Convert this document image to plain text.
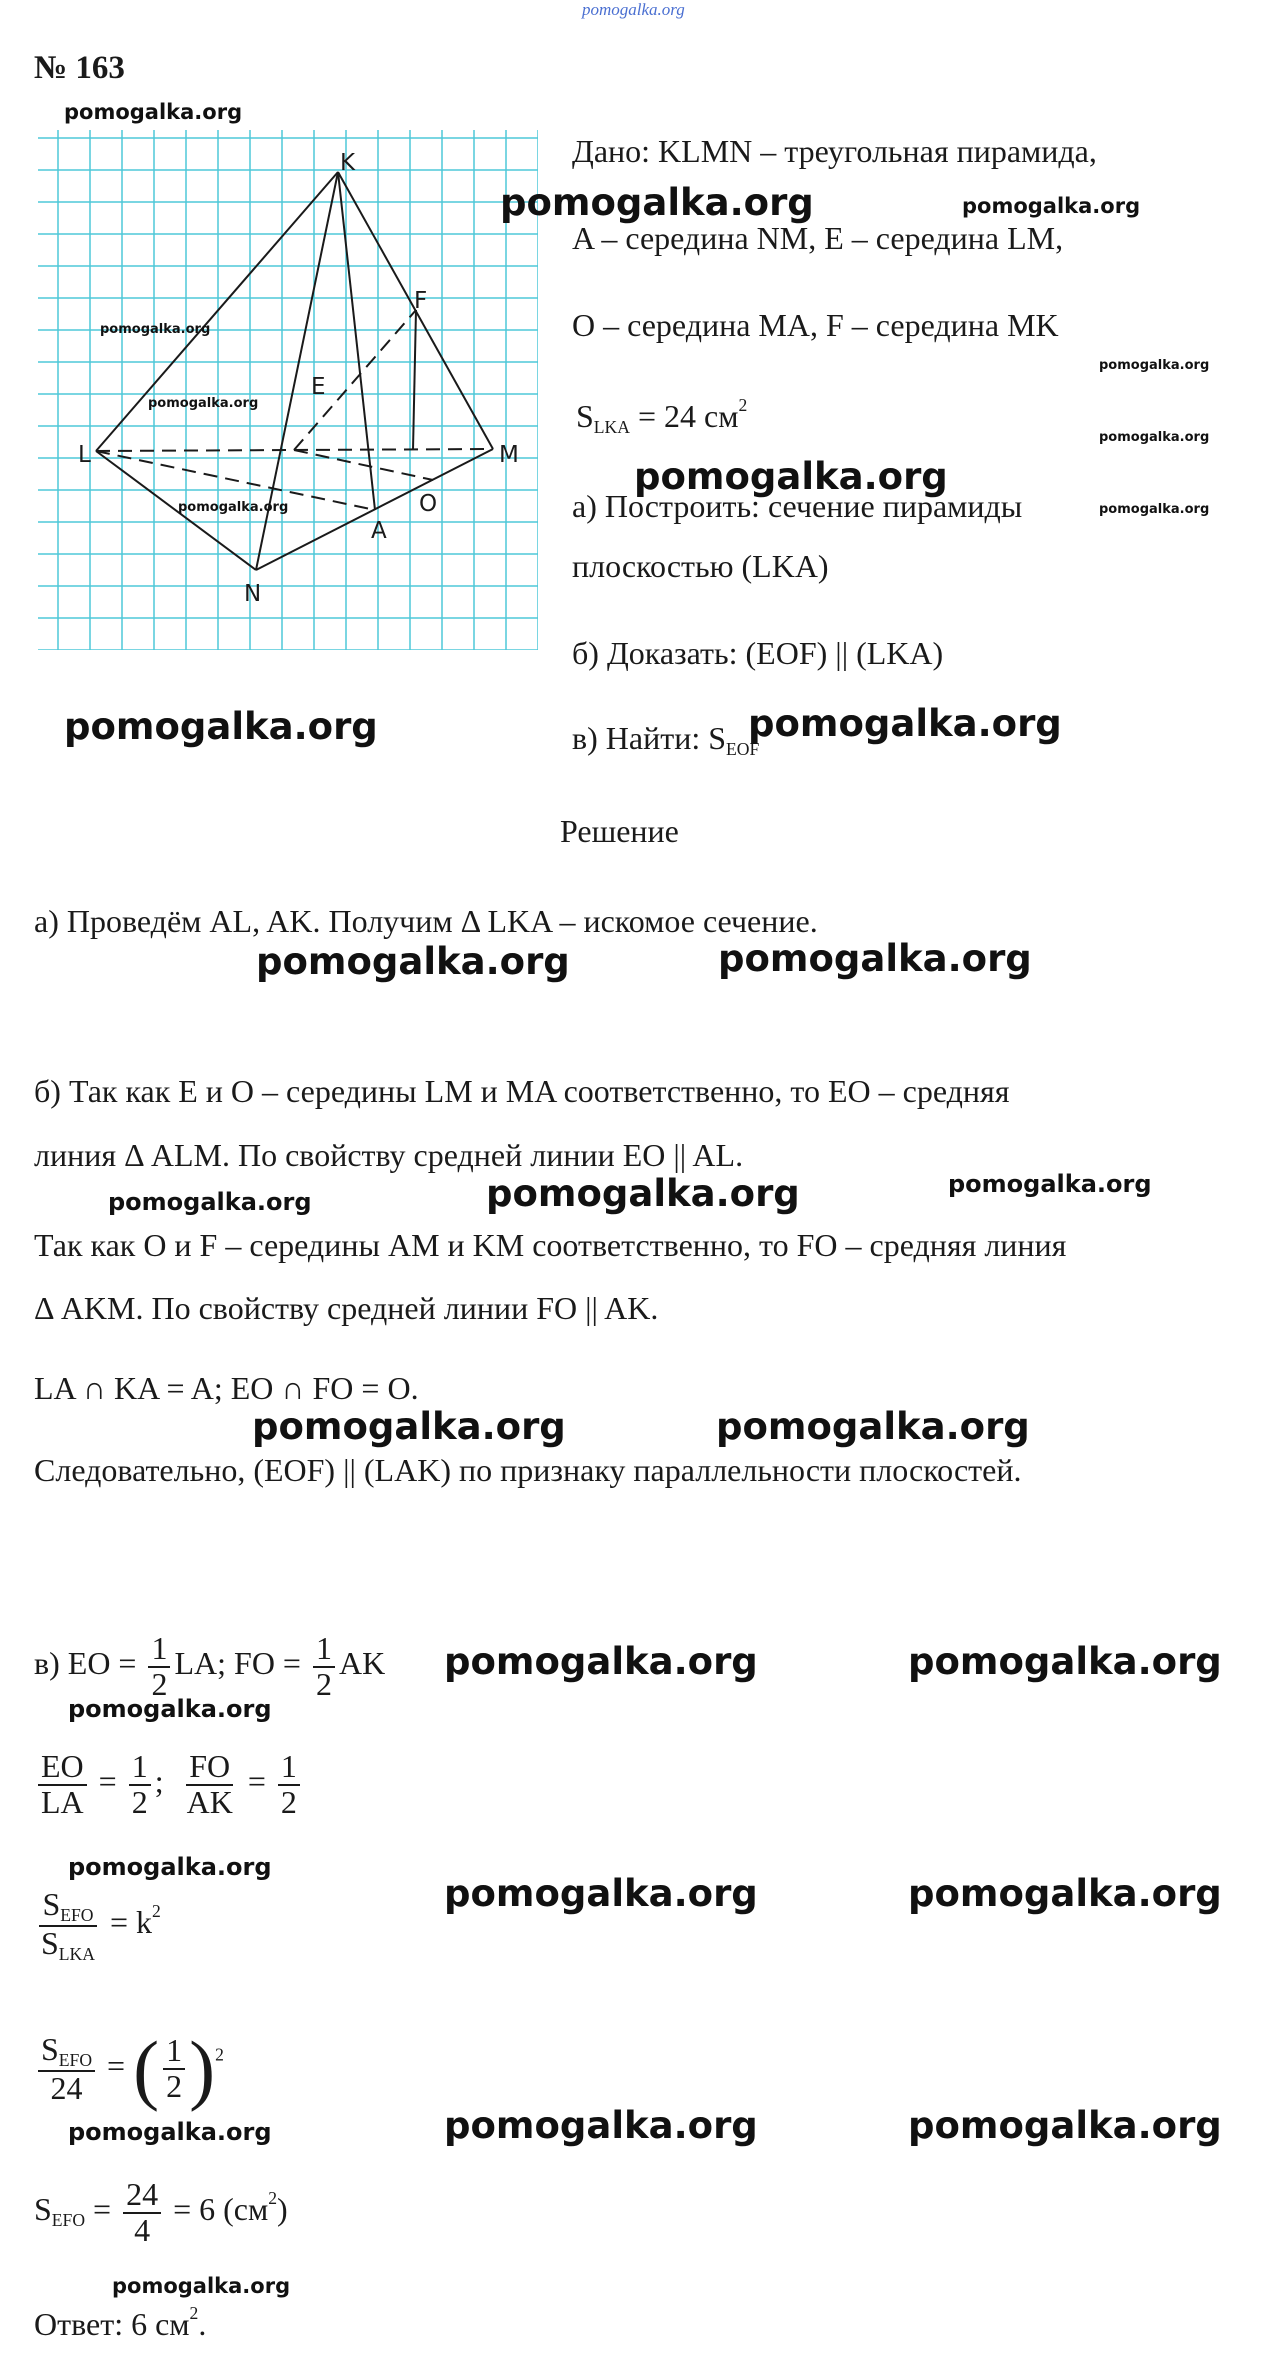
pomogalka.org
№ 163
K
L	M
N
E
F
A
O
Дано: KLMN – треугольная пирамида,
A – середина NM, E – середина LM,
O – середина MA, F – середина MK
$S_{LKA} = 24$ $см^2$
а) Построить: сечение пирамиды
плоскостью (LKA)
б) Доказать: (EOF) || (LKA)
в) Найти: $S_{EOF}$
Решение
а) Проведём AL, AK. Получим Δ LKA – искомое сечение.
б) Так как E и O – середины LM и MA соответственно, то EO – средняя
линия Δ ALM. По свойству средней линии EO || AL.
Так как O и F – середины AM и KM соответственно, то FO – средняя линия
Δ AKM. По свойству средней линии FO || AK.
LA ∩ KA = A; EO ∩ FO = O.
Следовательно, (EOF) || (LAK) по признаку параллельности плоскостей.
в) EO = $\frac{1}{2}$ LA; FO = $\frac{1}{2}$ AK
$\frac{EO}{LA} = \frac{1}{2}$ ; $\frac{FO}{AK} = \frac{1}{2}$
$\frac{S_{EFO}}{S_{LKA}} = k^2$
$\frac{S_{EFO}}{24}$ = ( $\frac{1}{2} )^2$
$S_{EFO} = \frac{24}{4} = 6$ $(см^2)$
Ответ: 6 $см^2$.
pomogalka.org
pomogalka.org	pomogalka.org
pomogalka.org
pomogalka.org
pomogalka.org
pomogalka.org
pomogalka.org
pomogalka.org
pomogalka.org
pomogalka.org	pomogalka.org
pomogalka.org	pomogalka.org
pomogalka.org	pomogalka.org	pomogalka.org
pomogalka.org	pomogalka.org
pomogalka.org	pomogalka.org
pomogalka.org
pomogalka.org
pomogalka.org	pomogalka.org
pomogalka.org	pomogalka.org
pomogalka.org
pomogalka.org
